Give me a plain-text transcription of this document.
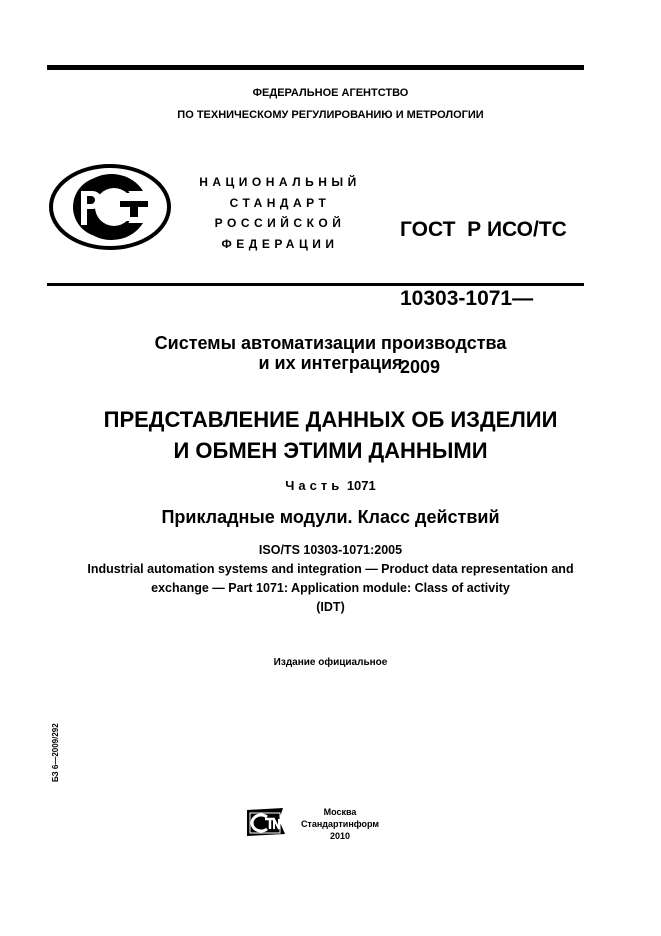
ФЕДЕРАЛЬНОЕ АГЕНТСТВО
ПО ТЕХНИЧЕСКОМУ РЕГУЛИРОВАНИЮ И МЕТРОЛОГИИ
НАЦИОНАЛЬНЫЙ
СТАНДАРТ
РОССИЙСКОЙ
ФЕДЕРАЦИИ

ГОСТ  Р ИСО/ТС

10303-1071—

2009

Системы автоматизации производства
и их интеграция
ПРЕДСТАВЛЕНИЕ ДАННЫХ ОБ ИЗДЕЛИИ
И ОБМЕН ЭТИМИ ДАННЫМИ
Часть 1071
Прикладные модули. Класс действий
ISO/TS 10303-1071:2005
Industrial automation systems and integration — Product data representation and
exchange — Part 1071: Application module: Class of activity
(IDT)
Издание официальное
БЗ 6—2009/292
Москва
Стандартинформ
2010
